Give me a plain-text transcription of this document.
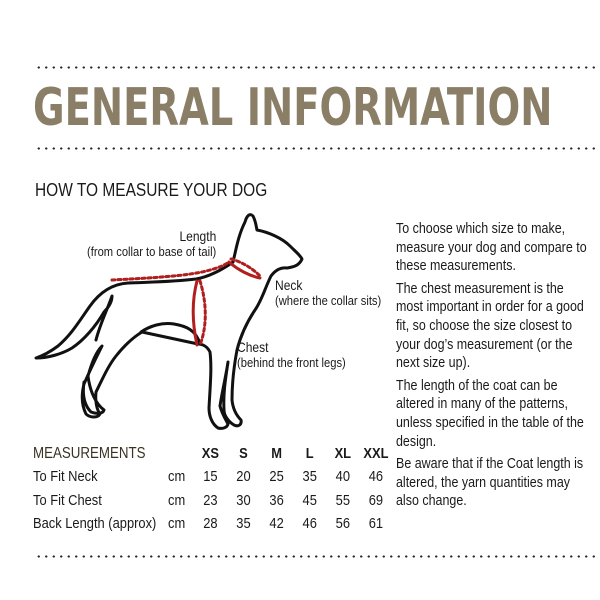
GENERAL INFORMATION
HOW TO MEASURE YOUR DOG
Length
(from collar to base of tail)
Neck
(where the collar sits)
Chest
(behind the front legs)

To choose which size to make, measure your dog and compare to these measurements.

The chest measurement is the most important in order for a good fit, so choose the size closest to your dog’s measurement (or the next size up).

The length of the coat can be altered in many of the patterns, unless specified in the table of the design.

Be aware that if the Coat length is altered, the yarn quantities may also change.

MEASUREMENTS		XS	S	M	L	XL	XXL
To Fit Neck	cm	15	20	25	35	40	46
To Fit Chest	cm	23	30	36	45	55	69
Back Length (approx)	cm	28	35	42	46	56	61
